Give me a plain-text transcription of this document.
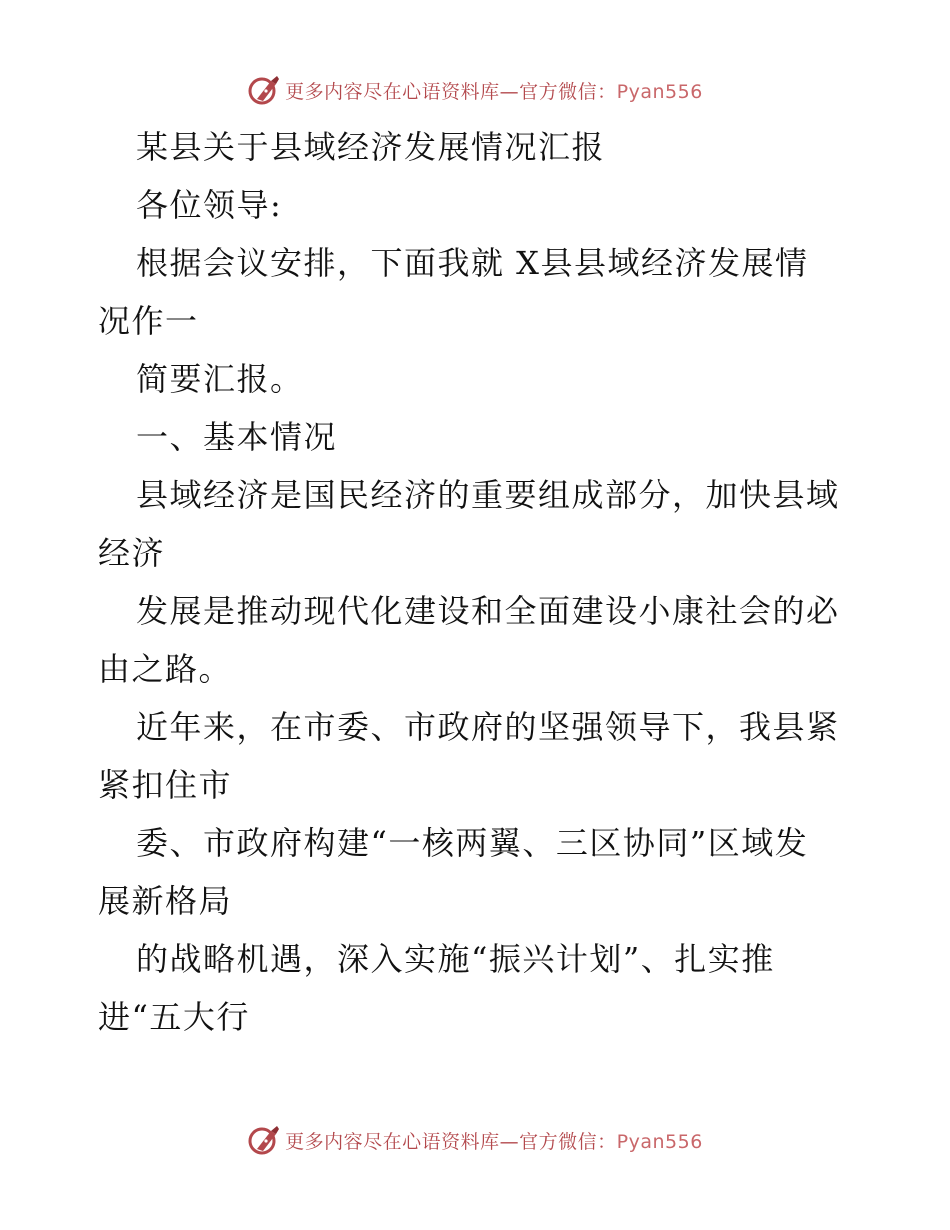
更多内容尽在心语资料库—官方微信：Pyan556
某县关于县域经济发展情况汇报
各位领导:
根据会议安排，下面我就 X县县域经济发展情
况作一
简要汇报。
一、基本情况
县域经济是国民经济的重要组成部分，加快县域
经济
发展是推动现代化建设和全面建设小康社会的必
由之路。
近年来，在市委、市政府的坚强领导下，我县紧
紧扣住市
委、市政府构建“一核两翼、三区协同”区域发
展新格局
的战略机遇，深入实施“振兴计划”、扎实推
进“五大行
更多内容尽在心语资料库—官方微信：Pyan556
